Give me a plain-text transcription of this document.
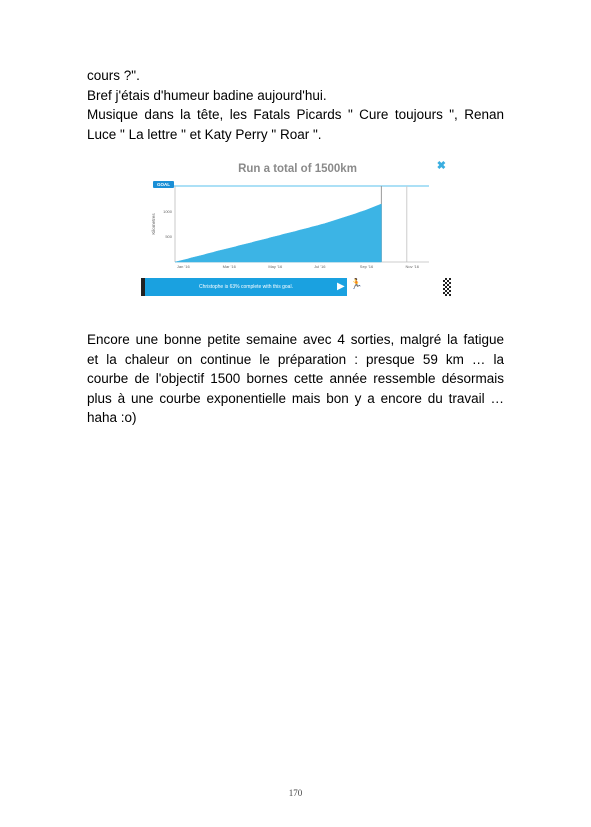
cours ?".
Bref j'étais d'humeur badine aujourd'hui.
Musique dans la tête, les Fatals Picards " Cure toujours ", Renan
Luce " La lettre " et Katy Perry " Roar ".
Run a total of 1500km	✖
1000
500
Kilometres
Jan '16	Mar '16	May '16	Jul '16	Sep '16	Nov '16
GOAL
Christophe is 63% complete with this goal.	▶ 🏃
Encore une bonne petite semaine avec 4 sorties, malgré la fatigue
et la chaleur on continue le préparation : presque 59 km … la
courbe de l'objectif 1500 bornes cette année ressemble désormais
plus à une courbe exponentielle mais bon y a encore du travail …
haha :o)
170
